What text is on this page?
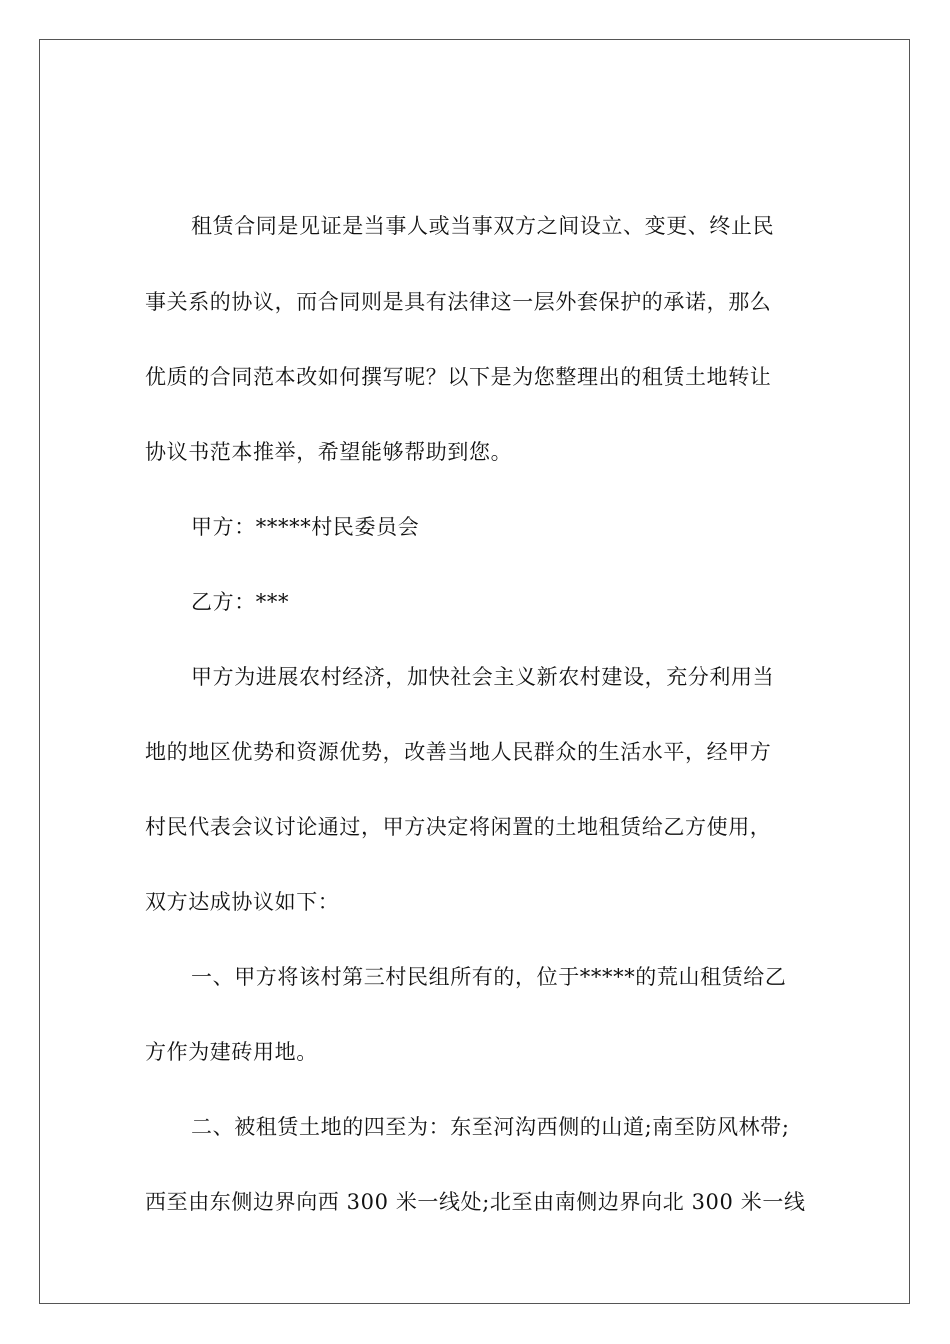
租赁合同是见证是当事人或当事双方之间设立、变更、终止民
事关系的协议，而合同则是具有法律这一层外套保护的承诺，那么
优质的合同范本改如何撰写呢？以下是为您整理出的租赁土地转让
协议书范本推举，希望能够帮助到您。
甲方：*****村民委员会
乙方：***
甲方为进展农村经济，加快社会主义新农村建设，充分利用当
地的地区优势和资源优势，改善当地人民群众的生活水平，经甲方
村民代表会议讨论通过，甲方决定将闲置的土地租赁给乙方使用，
双方达成协议如下：
一、甲方将该村第三村民组所有的，位于*****的荒山租赁给乙
方作为建砖用地。
二、被租赁土地的四至为：东至河沟西侧的山道;南至防风林带;
西至由东侧边界向西 300 米一线处;北至由南侧边界向北 300 米一线
